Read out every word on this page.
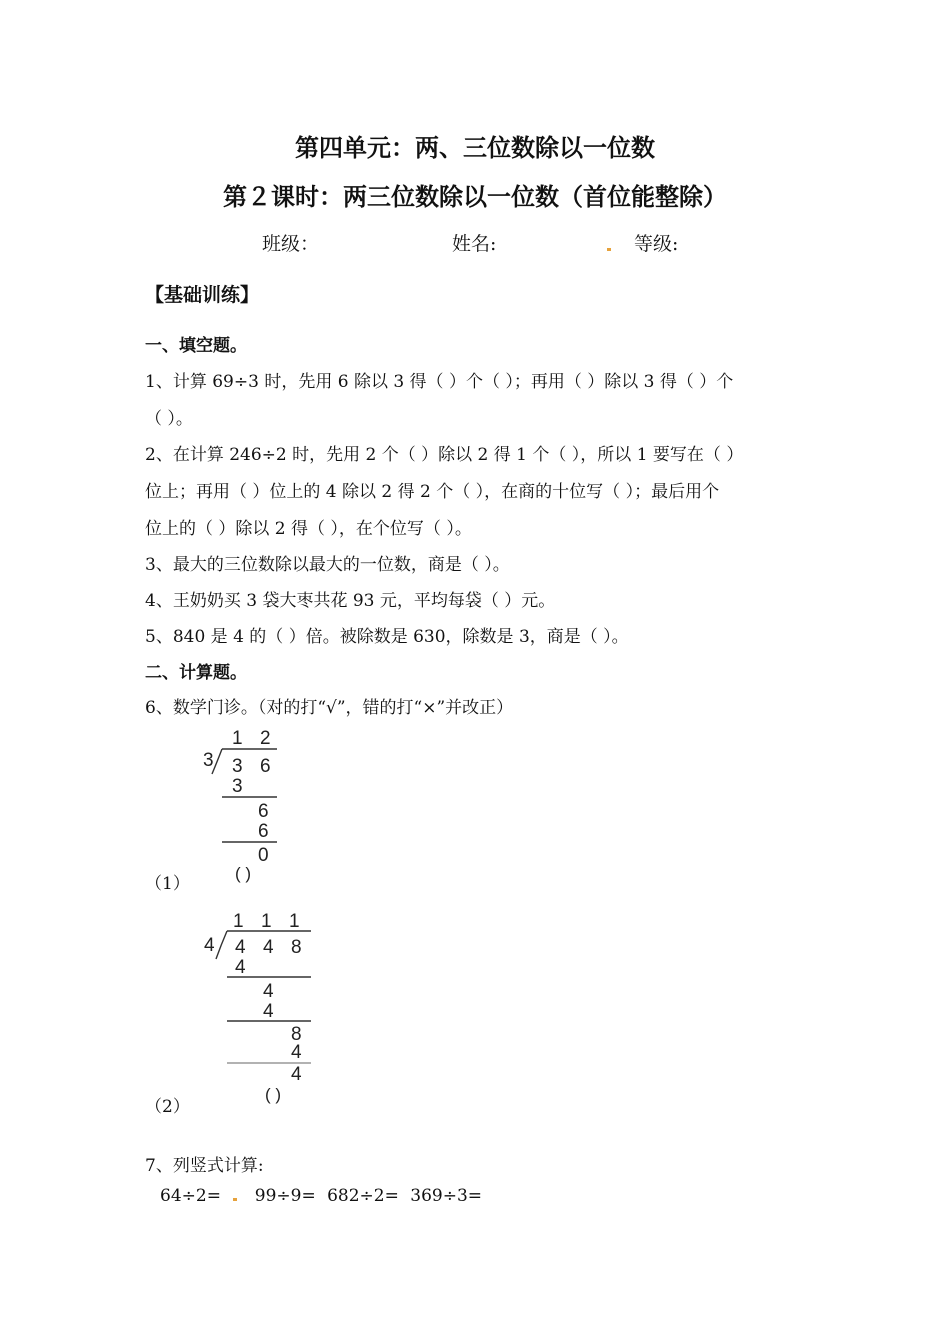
第四单元：两、三位数除以一位数
第２课时：两三位数除以一位数（首位能整除）
班级：	姓名:	等级:
【基础训练】
一、填空题。
1、计算 69÷3 时，先用 6 除以 3 得（ ）个（ ）；再用（ ）除以 3 得（ ）个
（ ）。
2、在计算 246÷2 时，先用 2 个（ ）除以 2 得 1 个（ ），所以 1 要写在（ ）
位上；再用（ ）位上的 4 除以 2 得 2 个（ ），在商的十位写（ ）；最后用个
位上的（ ）除以 2 得（ ），在个位写（ ）。
3、最大的三位数除以最大的一位数，商是（ ）。
4、王奶奶买 3 袋大枣共花 93 元，平均每袋（ ）元。
5、840 是 4 的（ ）倍。被除数是 630，除数是 3，商是（ ）。
二、计算题。
6、数学门诊。（对的打“√”，错的打“×”并改正）
1 2
3 3 6
3
6
6
0
( )
（1）
1 1 1
4 4 4 8
4
4
4
8
4
4
( )
（2）
7、列竖式计算:
64÷2= 99÷9= 682÷2= 369÷3=
